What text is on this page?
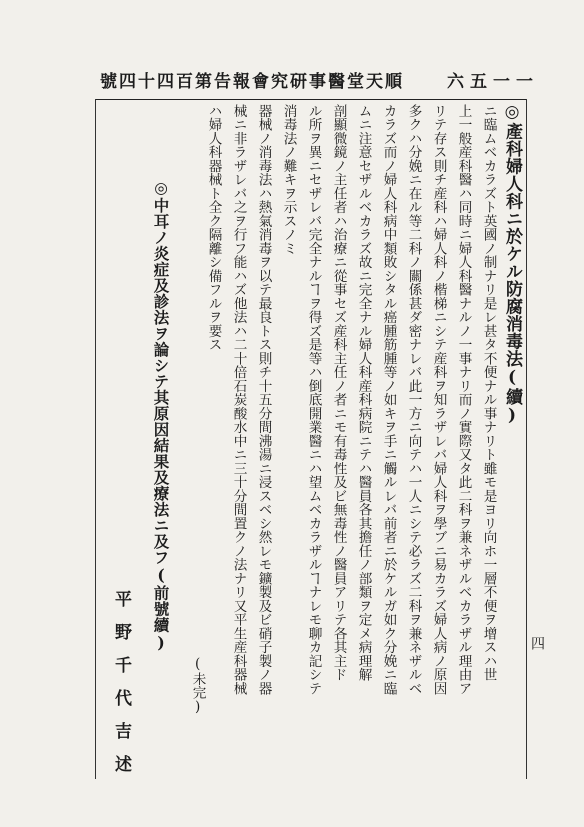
號四十四百第告報會究研事醫堂天順	六五一一
四
◎產科婦人科ニ於ケル防腐消毒法(續)
ニ臨ムベカラズト英國ノ制ナリ是レ甚タ不便ナル事ナリト雖モ是ヨリ向ホ一層不便ヲ增スハ世
上一般産科醫ハ同時ニ婦人科醫ナルノ一事ナリ而ノ實際又タ此二科ヲ兼ネザルベカラザル理由ア
リテ存ス則チ産科ハ婦人科ノ楷梯ニシテ産科ヲ知ラザレバ婦人科ヲ學ブニ易カラズ婦人病ノ原因
多クハ分娩ニ在ル等二科ノ關係甚ダ密ナレバ此一方ニ向テハ一人ニシテ必ラズ二科ヲ兼ネザルベ
カラズ而ノ婦人科病中類敗シタル癌腫筋腫等ノ如キヲ手ニ觸ルレバ前者ニ於ケルガ如ク分娩ニ臨
ムニ注意セザルベカラズ故ニ完全ナル婦人科産科病院ニテハ醫員各其擔任ノ部類ヲ定メ病理解
剖顯微鏡ノ主任者ハ治療ニ從事セズ産科主任ノ者ニモ有毒性及ビ無毒性ノ醫員アリテ各其主ド
ル所ヲ異ニセザレバ完全ナルヿヲ得ズ是等ハ倒底開業醫ニハ望ムベカラザルヿナレモ聊カ記シテ
消毒法ノ難キヲ示スノミ
器械ノ消毒法ハ熱氣消毒ヲ以テ最良トス則チ十五分間沸湯ニ浸スベシ然レモ鑛製及ビ硝子製ノ器
械ニ非ラザレバ之ヲ行フ能ハズ他法ハ二十倍石炭酸水中ニ三十分間置クノ法ナリ又平生産科器械
ハ婦人科器械ト全ク隔離シ備フルヲ要ス
(未完)
◎中耳ノ炎症及診法ヲ論シテ其原因結果及療法ニ及フ(前號續)
平野千代吉述
